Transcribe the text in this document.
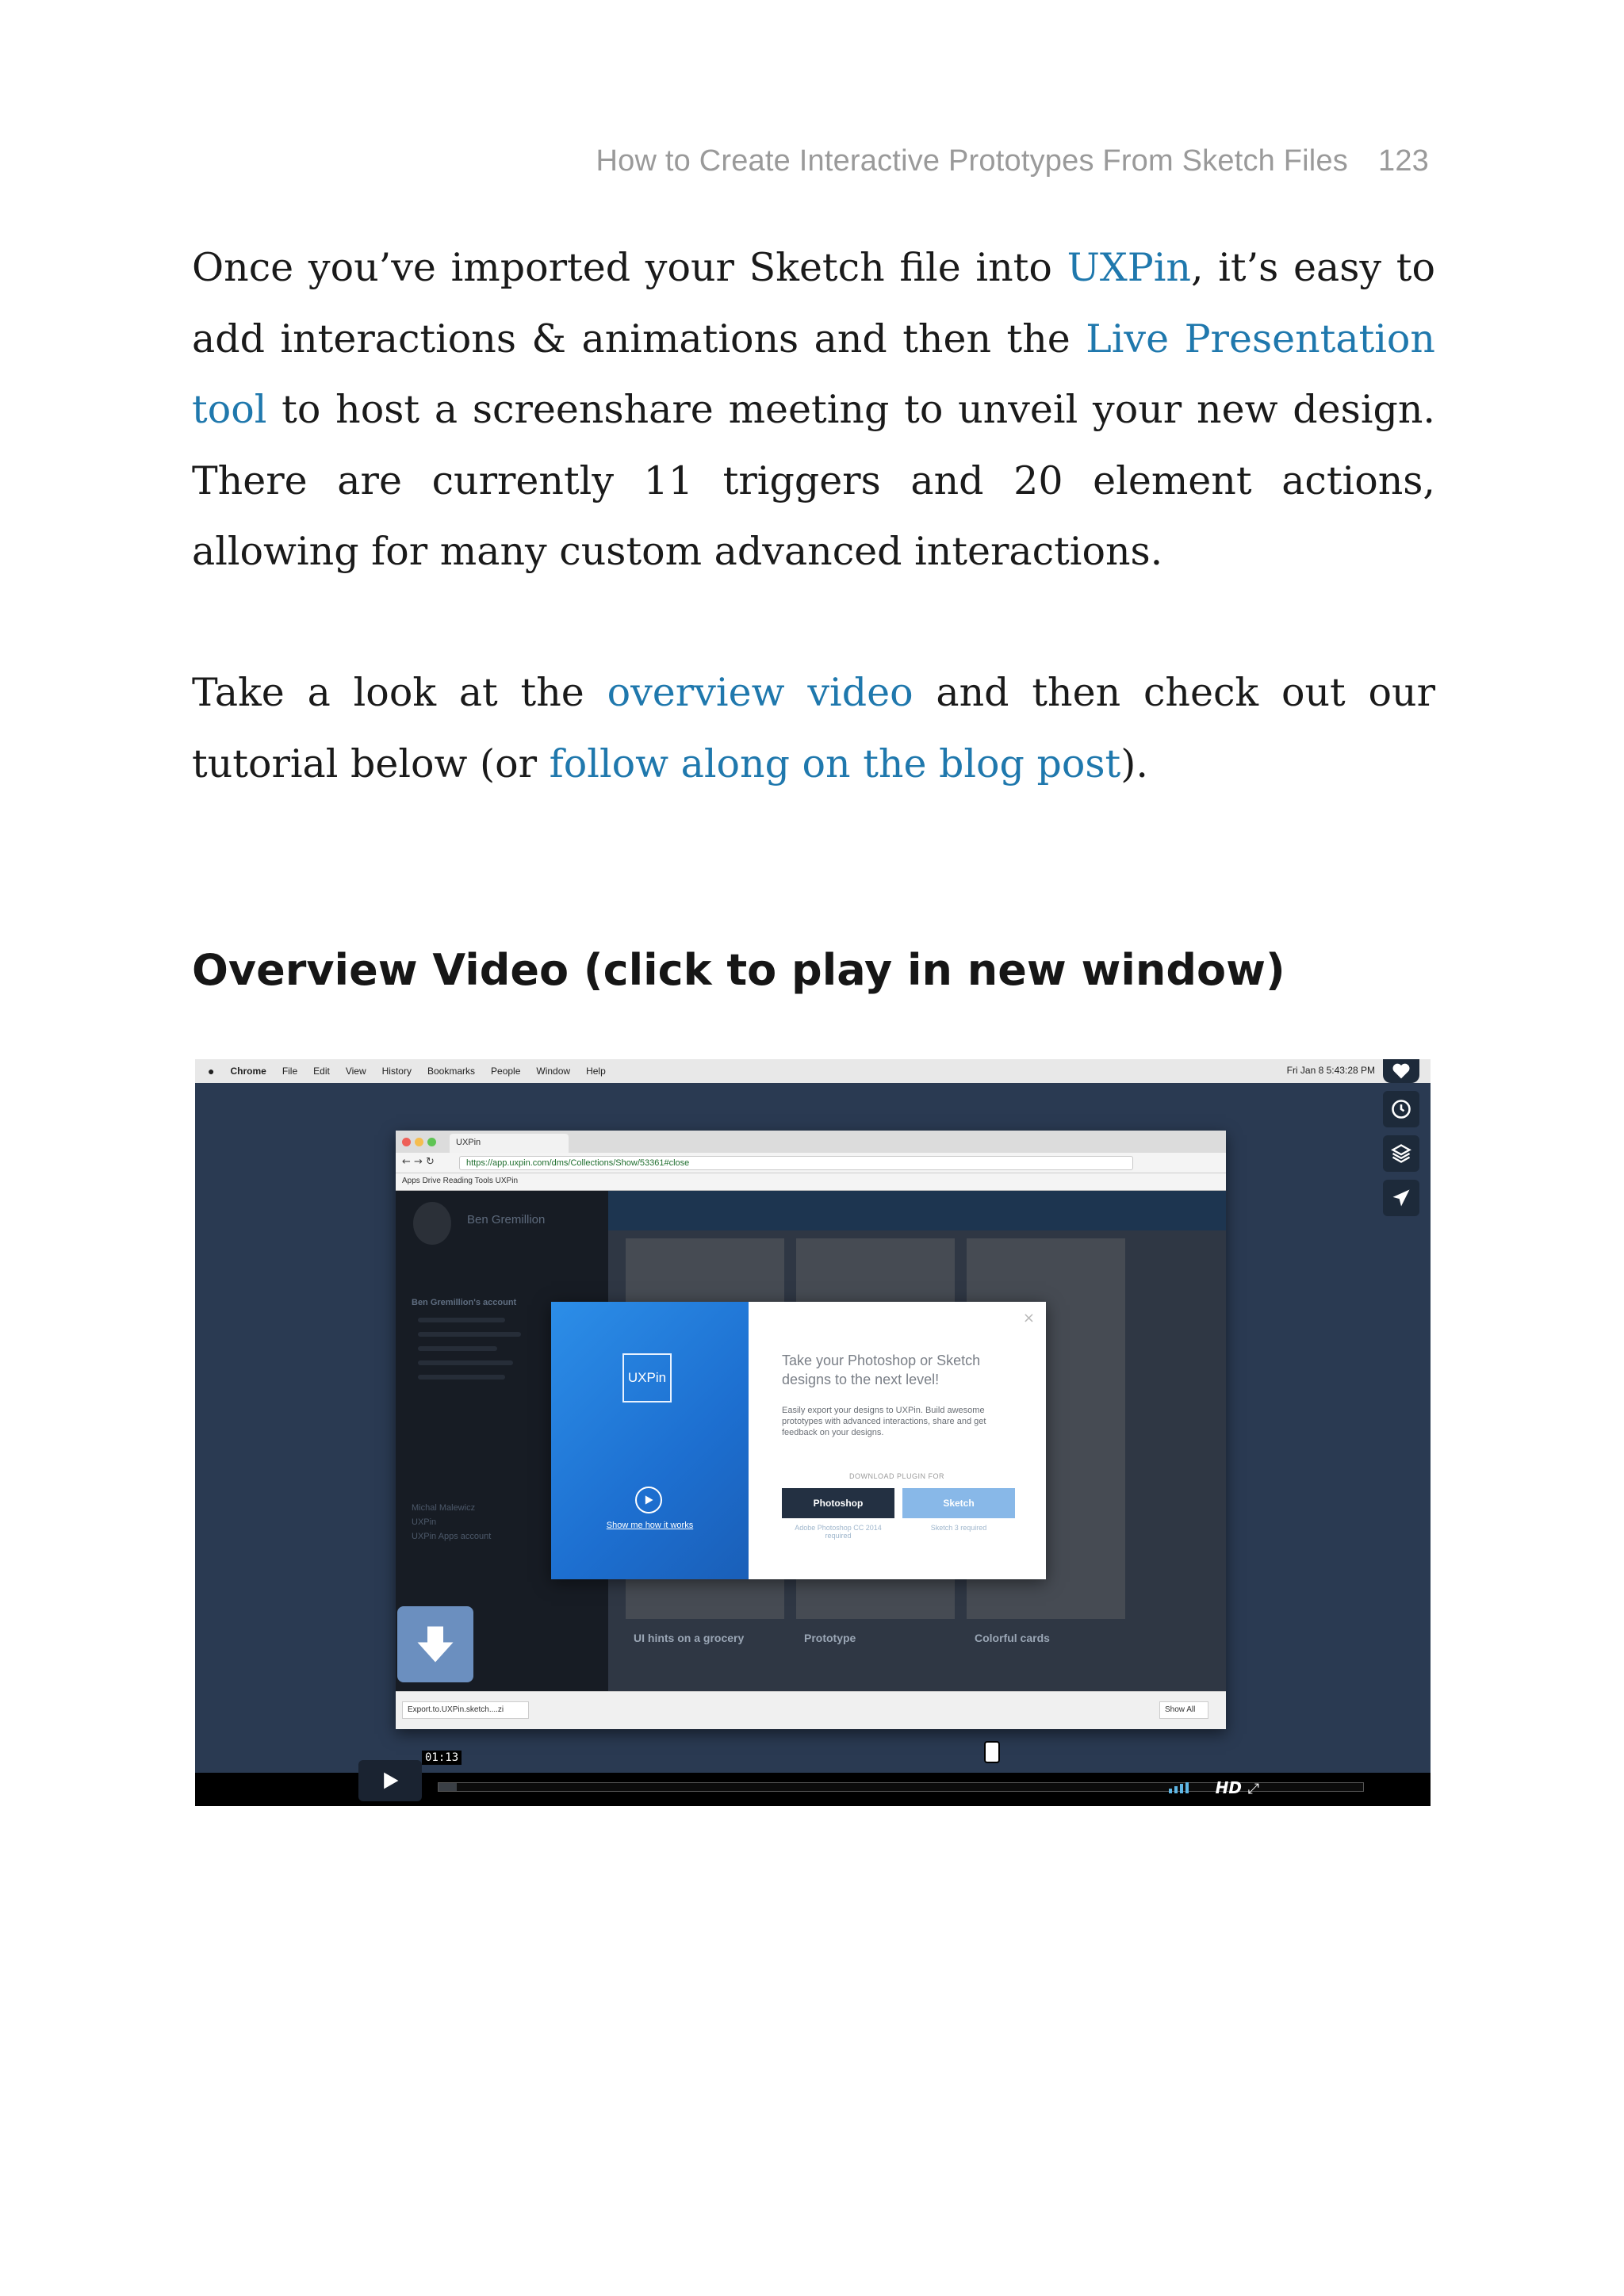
How to Create Interactive Prototypes From Sketch Files 123

Once you’ve imported your Sketch file into UXPin, it’s easy to add interactions & animations and then the Live Presentation tool to host a screenshare meeting to unveil your new design. There are currently 11 triggers and 20 element actions, allowing for many custom advanced interactions.

Take a look at the overview video and then check out our tutorial below (or follow along on the blog post).

Overview Video (click to play in new window)
● Chrome File Edit View History Bookmarks People Window Help	Fri Jan 8 5:43:28 PM
UXPin
← → ↻	https://app.uxpin.com/dms/Collections/Show/53361#close
Apps Drive Reading Tools UXPin
Ben Gremillion
Ben Gremillion's account
Michal Malewicz
UXPin
UXPin Apps account
UI hints on a grocery	Prototype	Colorful cards
Export.to.UXPin.sketch....zi	Show All
UXPin
Show me how it works
×
Take your Photoshop or Sketch designs to the next level!
Easily export your designs to UXPin. Build awesome prototypes with advanced interactions, share and get feedback on your designs.
DOWNLOAD PLUGIN FOR
Photoshop	Sketch
Adobe Photoshop CC 2014 required
Sketch 3 required
01:13
HD ⤢
